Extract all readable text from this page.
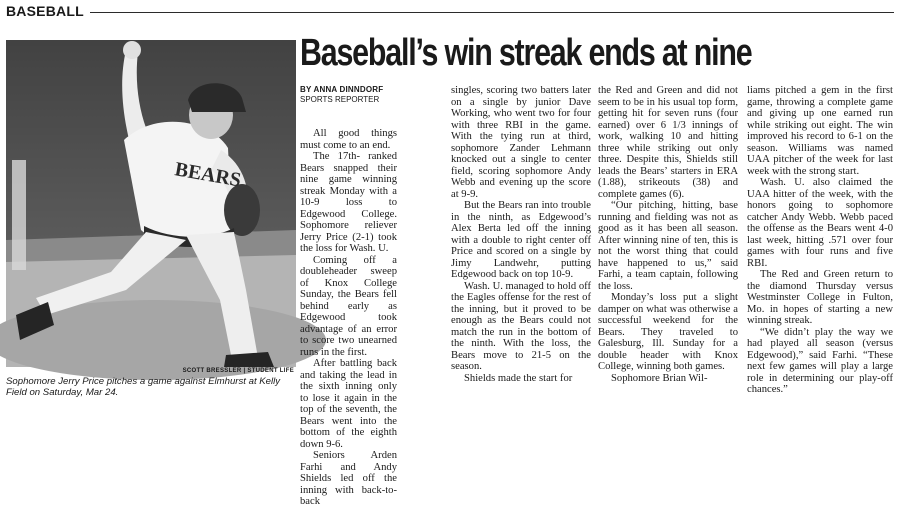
BASEBALL
BEARS
SCOTT BRESSLER | STUDENT LIFE
Sophomore Jerry Price pitches a game against Elmhurst at Kelly Field on Saturday, Mar 24.
Baseball’s win streak ends at nine
BY ANNA DINNDORF
SPORTS REPORTER

All good things must come to an end.

The 17th- ranked Bears snapped their nine game winning streak Monday with a 10-9 loss to Edgewood College. Sophomore reliever Jerry Price (2-1) took the loss for Wash. U.

Coming off a doubleheader sweep of Knox College Sunday, the Bears fell behind early as Edgewood took advantage of an error to score two unearned runs in the first.

After battling back and taking the lead in the sixth inning only to lose it again in the top of the seventh, the Bears went into the bottom of the eighth down 9-6.

Seniors Arden Farhi and Andy Shields led off the inning with back-to-back

singles, scoring two batters later on a single by junior Dave Working, who went two for four with three RBI in the game. With the tying run at third, sophomore Zander Lehmann knocked out a single to center field, scoring sophomore Andy Webb and evening up the score at 9-9.

But the Bears ran into trouble in the ninth, as Edgewood’s Alex Berta led off the inning with a double to right center off Price and scored on a single by Jimy Landwehr, putting Edgewood back on top 10-9.

Wash. U. managed to hold off the Eagles offense for the rest of the inning, but it proved to be enough as the Bears could not match the run in the bottom of the ninth. With the loss, the Bears move to 21-5 on the season.

Shields made the start for

the Red and Green and did not seem to be in his usual top form, getting hit for seven runs (four earned) over 6 1/3 innings of work, walking 10 and hitting three while striking out only three. Despite this, Shields still leads the Bears’ starters in ERA (1.88), strikeouts (38) and complete games (6).

“Our pitching, hitting, base running and fielding was not as good as it has been all season. After winning nine of ten, this is not the worst thing that could have happened to us,” said Farhi, a team captain, following the loss.

Monday’s loss put a slight damper on what was otherwise a successful weekend for the Bears. They traveled to Galesburg, Ill. Sunday for a double header with Knox College, winning both games.

Sophomore Brian Wil-

liams pitched a gem in the first game, throwing a complete game and giving up one earned run while striking out eight. The win improved his record to 6-1 on the season. Williams was named UAA pitcher of the week for last week with the strong start.

Wash. U. also claimed the UAA hitter of the week, with the honors going to sophomore catcher Andy Webb. Webb paced the offense as the Bears went 4-0 last week, hitting .571 over four games with four runs and five RBI.

The Red and Green return to the diamond Thursday versus Westminster College in Fulton, Mo. in hopes of starting a new winning streak.

“We didn’t play the way we had played all season (versus Edgewood),” said Farhi. “These next few games will play a large role in determining our play-off chances.”
